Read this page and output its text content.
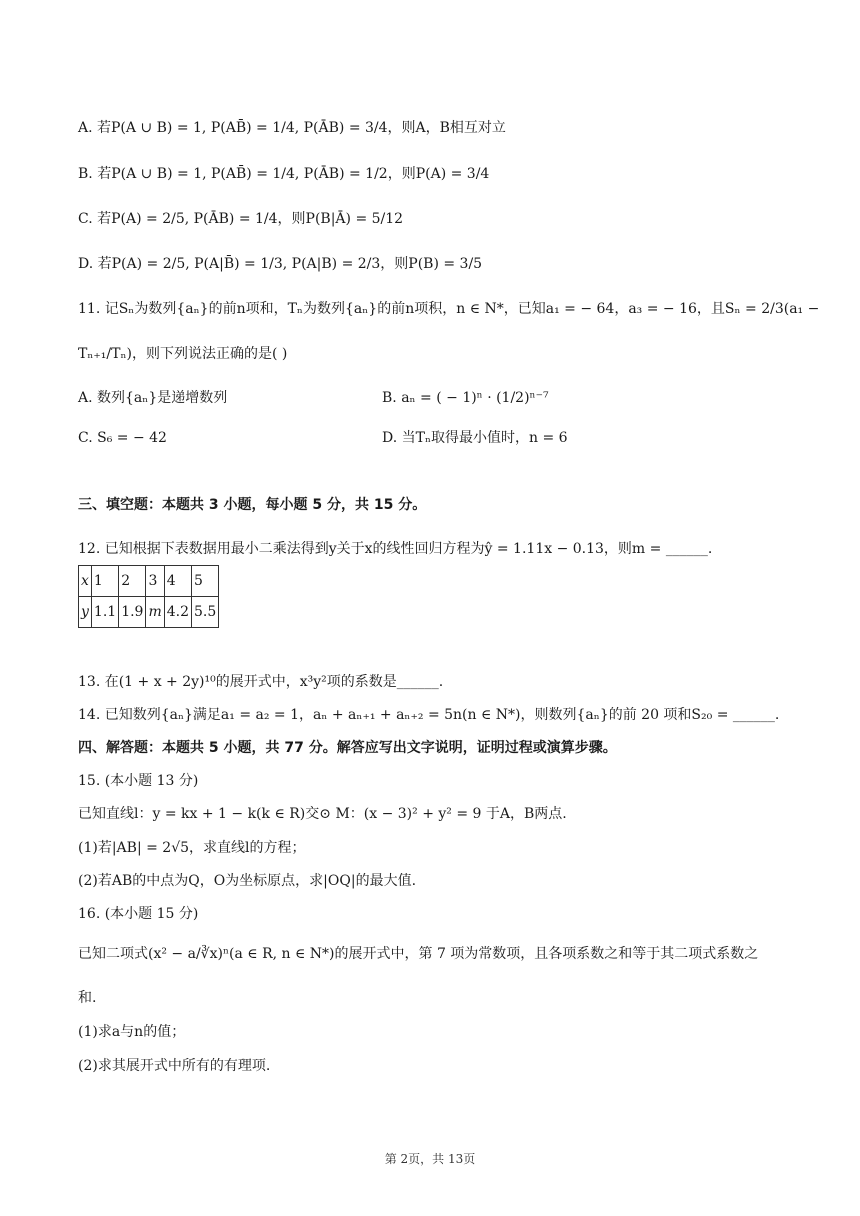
A. 若P(A ∪ B) = 1, P(AB̄) = 1/4, P(ĀB) = 3/4，则A，B相互对立
B. 若P(A ∪ B) = 1, P(AB̄) = 1/4, P(ĀB) = 1/2，则P(A) = 3/4
C. 若P(A) = 2/5, P(ĀB) = 1/4，则P(B|Ā) = 5/12
D. 若P(A) = 2/5, P(A|B̄) = 1/3, P(A|B) = 2/3，则P(B) = 3/5
11. 记Sₙ为数列{aₙ}的前n项和，Tₙ为数列{aₙ}的前n项积，n ∈ N*，已知a₁ = − 64，a₃ = − 16，且Sₙ = 2/3(a₁ −
Tₙ₊₁/Tₙ)，则下列说法正确的是( )
A. 数列{aₙ}是递增数列	B. aₙ = ( − 1)ⁿ · (1/2)ⁿ⁻⁷
C. S₆ = − 42	D. 当Tₙ取得最小值时，n = 6
三、填空题：本题共 3 小题，每小题 5 分，共 15 分。
12. 已知根据下表数据用最小二乘法得到y关于x的线性回归方程为ŷ = 1.11x − 0.13，则m = ______.
x	1	2	3	4	5
y	1.1	1.9	m	4.2	5.5
13. 在(1 + x + 2y)¹⁰的展开式中，x³y²项的系数是______.
14. 已知数列{aₙ}满足a₁ = a₂ = 1，aₙ + aₙ₊₁ + aₙ₊₂ = 5n(n ∈ N*)，则数列{aₙ}的前 20 项和S₂₀ = ______.
四、解答题：本题共 5 小题，共 77 分。解答应写出文字说明，证明过程或演算步骤。
15. (本小题 13 分)
已知直线l：y = kx + 1 − k(k ∈ R)交⊙ M：(x − 3)² + y² = 9 于A，B两点.
(1)若|AB| = 2√5，求直线l的方程；
(2)若AB的中点为Q，O为坐标原点，求|OQ|的最大值.
16. (本小题 15 分)
已知二项式(x² − a/∛x)ⁿ(a ∈ R, n ∈ N*)的展开式中，第 7 项为常数项，且各项系数之和等于其二项式系数之
和.
(1)求a与n的值；
(2)求其展开式中所有的有理项.
第 2页，共 13页
